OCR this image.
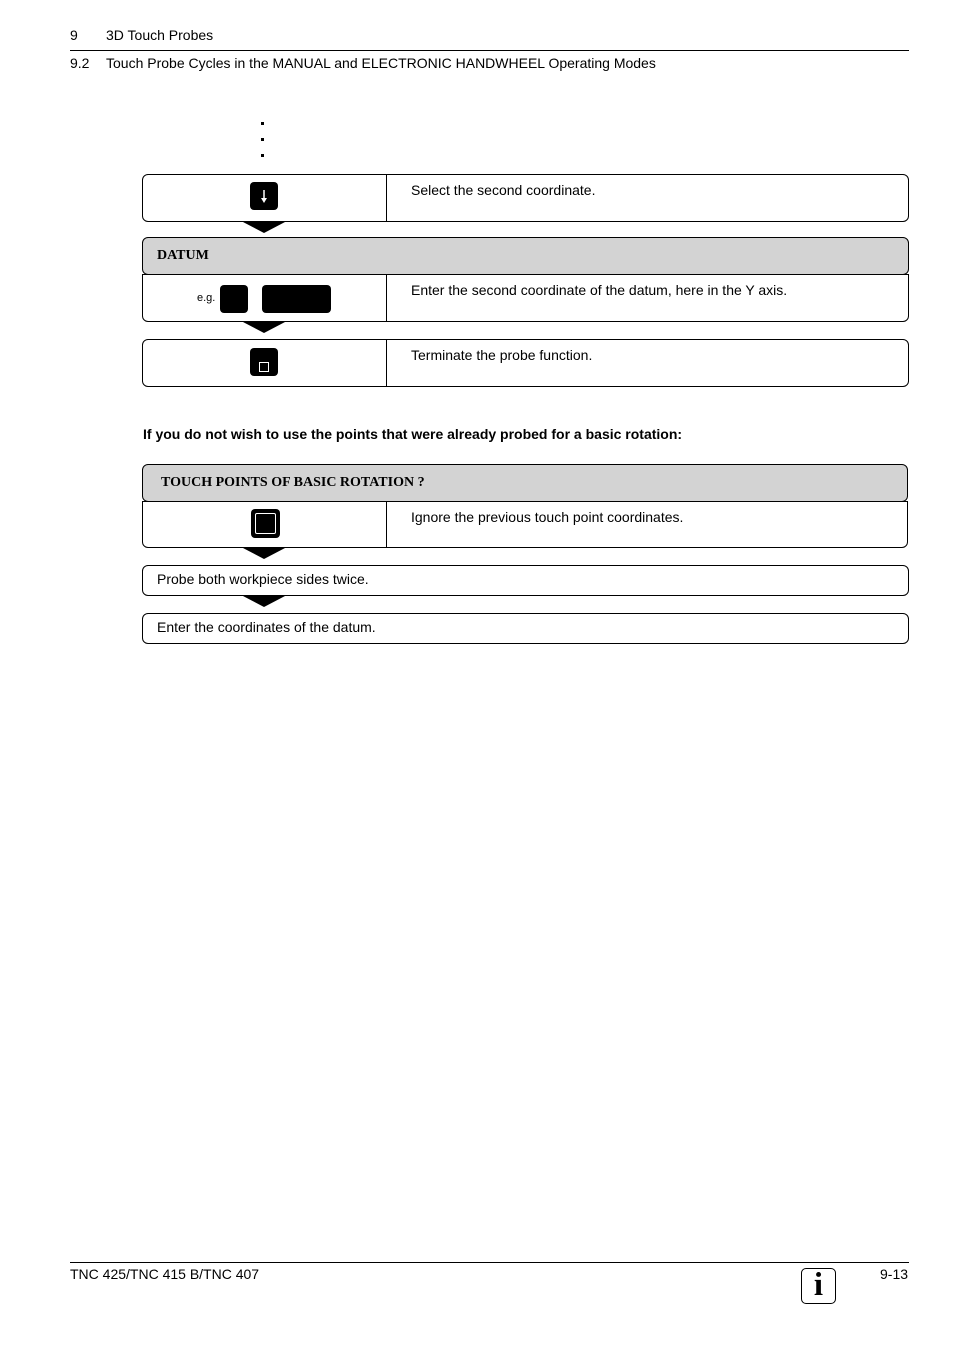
9 3D Touch Probes
9.2 Touch Probe Cycles in the MANUAL and ELECTRONIC HANDWHEEL Operating Modes
Select the second coordinate.
DATUM
e.g.	Enter the second coordinate of the datum, here in the Y axis.
Terminate the probe function.
If you do not wish to use the points that were already probed for a basic rotation:
TOUCH POINTS OF BASIC ROTATION ?
Ignore the previous touch point coordinates.
Probe both workpiece sides twice.
Enter the coordinates of the datum.
TNC 425/TNC 415 B/TNC 407	i	9-13
